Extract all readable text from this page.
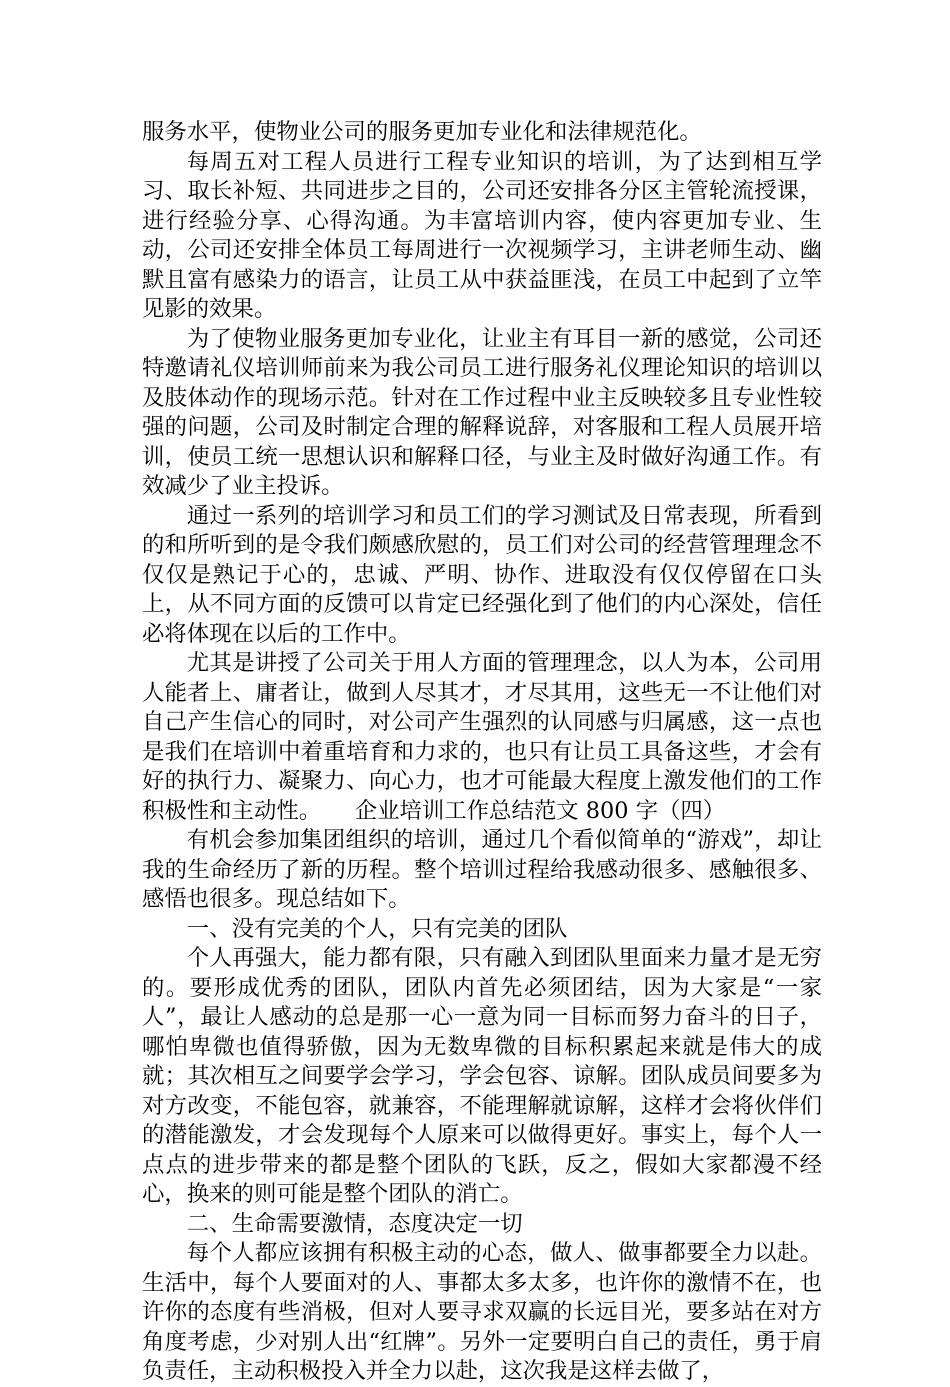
服务水平，使物业公司的服务更加专业化和法律规范化。

每周五对工程人员进行工程专业知识的培训，为了达到相互学习、取长补短、共同进步之目的，公司还安排各分区主管轮流授课，进行经验分享、心得沟通。为丰富培训内容，使内容更加专业、生动，公司还安排全体员工每周进行一次视频学习，主讲老师生动、幽默且富有感染力的语言，让员工从中获益匪浅，在员工中起到了立竿见影的效果。

为了使物业服务更加专业化，让业主有耳目一新的感觉，公司还特邀请礼仪培训师前来为我公司员工进行服务礼仪理论知识的培训以及肢体动作的现场示范。针对在工作过程中业主反映较多且专业性较强的问题，公司及时制定合理的解释说辞，对客服和工程人员展开培训，使员工统一思想认识和解释口径，与业主及时做好沟通工作。有效减少了业主投诉。

通过一系列的培训学习和员工们的学习测试及日常表现，所看到的和所听到的是令我们颇感欣慰的，员工们对公司的经营管理理念不仅仅是熟记于心的，忠诚、严明、协作、进取没有仅仅停留在口头上，从不同方面的反馈可以肯定已经强化到了他们的内心深处，信任必将体现在以后的工作中。

尤其是讲授了公司关于用人方面的管理理念，以人为本，公司用人能者上、庸者让，做到人尽其才，才尽其用，这些无一不让他们对自己产生信心的同时，对公司产生强烈的认同感与归属感，这一点也是我们在培训中着重培育和力求的，也只有让员工具备这些，才会有好的执行力、凝聚力、向心力，也才可能最大程度上激发他们的工作积极性和主动性。　　企业培训工作总结范文 800 字（四）

有机会参加集团组织的培训，通过几个看似简单的“游戏”，却让我的生命经历了新的历程。整个培训过程给我感动很多、感触很多、感悟也很多。现总结如下。

一、没有完美的个人，只有完美的团队

个人再强大，能力都有限，只有融入到团队里面来力量才是无穷的。要形成优秀的团队，团队内首先必须团结，因为大家是“一家人”，最让人感动的总是那一心一意为同一目标而努力奋斗的日子，哪怕卑微也值得骄傲，因为无数卑微的目标积累起来就是伟大的成就；其次相互之间要学会学习，学会包容、谅解。团队成员间要多为对方改变，不能包容，就兼容，不能理解就谅解，这样才会将伙伴们的潜能激发，才会发现每个人原来可以做得更好。事实上，每个人一点点的进步带来的都是整个团队的飞跃，反之，假如大家都漫不经心，换来的则可能是整个团队的消亡。

二、生命需要激情，态度决定一切

每个人都应该拥有积极主动的心态，做人、做事都要全力以赴。生活中，每个人要面对的人、事都太多太多，也许你的激情不在，也许你的态度有些消极，但对人要寻求双赢的长远目光，要多站在对方角度考虑，少对别人出“红牌”。另外一定要明白自己的责任，勇于肩负责任，主动积极投入并全力以赴，这次我是这样去做了，
